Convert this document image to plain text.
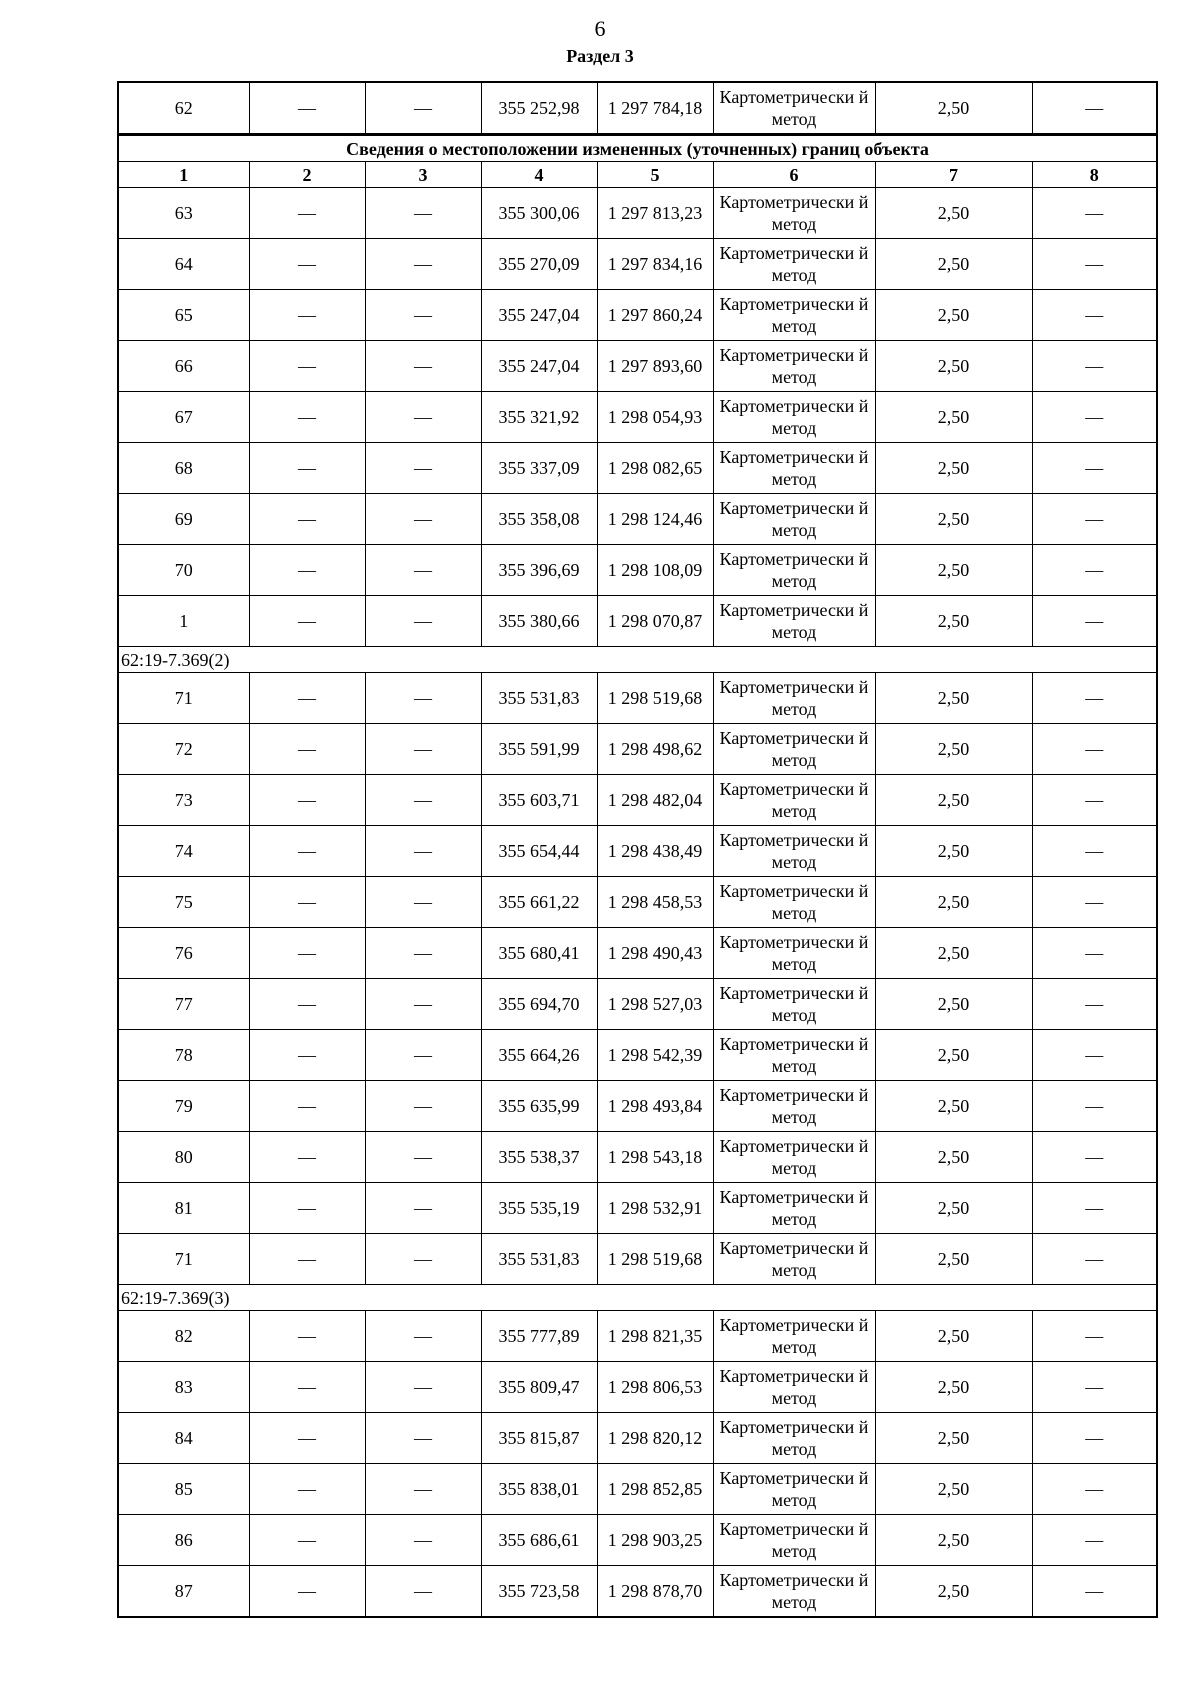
6
Раздел 3
62	—	—	355 252,98	1 297 784,18	Картометрически й метод	2,50	—
Сведения о местоположении измененных (уточненных) границ объекта							
1	2	3	4	5	6	7	8
63	—	—	355 300,06	1 297 813,23	Картометрически й метод	2,50	—
64	—	—	355 270,09	1 297 834,16	Картометрически й метод	2,50	—
65	—	—	355 247,04	1 297 860,24	Картометрически й метод	2,50	—
66	—	—	355 247,04	1 297 893,60	Картометрически й метод	2,50	—
67	—	—	355 321,92	1 298 054,93	Картометрически й метод	2,50	—
68	—	—	355 337,09	1 298 082,65	Картометрически й метод	2,50	—
69	—	—	355 358,08	1 298 124,46	Картометрически й метод	2,50	—
70	—	—	355 396,69	1 298 108,09	Картометрически й метод	2,50	—
1	—	—	355 380,66	1 298 070,87	Картометрически й метод	2,50	—
62:19-7.369(2)							
71	—	—	355 531,83	1 298 519,68	Картометрически й метод	2,50	—
72	—	—	355 591,99	1 298 498,62	Картометрически й метод	2,50	—
73	—	—	355 603,71	1 298 482,04	Картометрически й метод	2,50	—
74	—	—	355 654,44	1 298 438,49	Картометрически й метод	2,50	—
75	—	—	355 661,22	1 298 458,53	Картометрически й метод	2,50	—
76	—	—	355 680,41	1 298 490,43	Картометрически й метод	2,50	—
77	—	—	355 694,70	1 298 527,03	Картометрически й метод	2,50	—
78	—	—	355 664,26	1 298 542,39	Картометрически й метод	2,50	—
79	—	—	355 635,99	1 298 493,84	Картометрически й метод	2,50	—
80	—	—	355 538,37	1 298 543,18	Картометрически й метод	2,50	—
81	—	—	355 535,19	1 298 532,91	Картометрически й метод	2,50	—
71	—	—	355 531,83	1 298 519,68	Картометрически й метод	2,50	—
62:19-7.369(3)							
82	—	—	355 777,89	1 298 821,35	Картометрически й метод	2,50	—
83	—	—	355 809,47	1 298 806,53	Картометрически й метод	2,50	—
84	—	—	355 815,87	1 298 820,12	Картометрически й метод	2,50	—
85	—	—	355 838,01	1 298 852,85	Картометрически й метод	2,50	—
86	—	—	355 686,61	1 298 903,25	Картометрически й метод	2,50	—
87	—	—	355 723,58	1 298 878,70	Картометрически й метод	2,50	—
